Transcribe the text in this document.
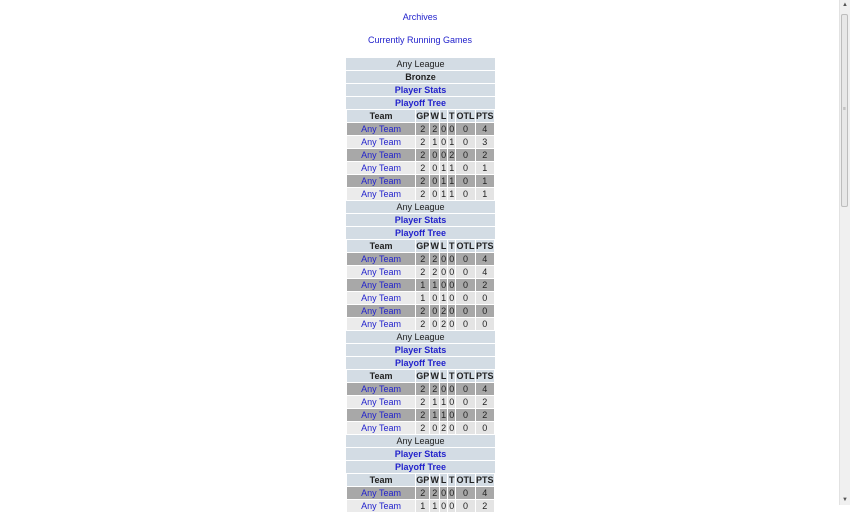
Archives
Currently Running Games
Any League
Bronze
Player Stats
Playoff Tree
Team	GP	W	L	T	OTL	PTS
Any Team	2	2	0	0	0	4
Any Team	2	1	0	1	0	3
Any Team	2	0	0	2	0	2
Any Team	2	0	1	1	0	1
Any Team	2	0	1	1	0	1
Any Team	2	0	1	1	0	1
Any League
Player Stats
Playoff Tree
Team	GP	W	L	T	OTL	PTS
Any Team	2	2	0	0	0	4
Any Team	2	2	0	0	0	4
Any Team	1	1	0	0	0	2
Any Team	1	0	1	0	0	0
Any Team	2	0	2	0	0	0
Any Team	2	0	2	0	0	0
Any League
Player Stats
Playoff Tree
Team	GP	W	L	T	OTL	PTS
Any Team	2	2	0	0	0	4
Any Team	2	1	1	0	0	2
Any Team	2	1	1	0	0	2
Any Team	2	0	2	0	0	0
Any League
Player Stats
Playoff Tree
Team	GP	W	L	T	OTL	PTS
Any Team	2	2	0	0	0	4
Any Team	1	1	0	0	0	2
▲
≡
▼
